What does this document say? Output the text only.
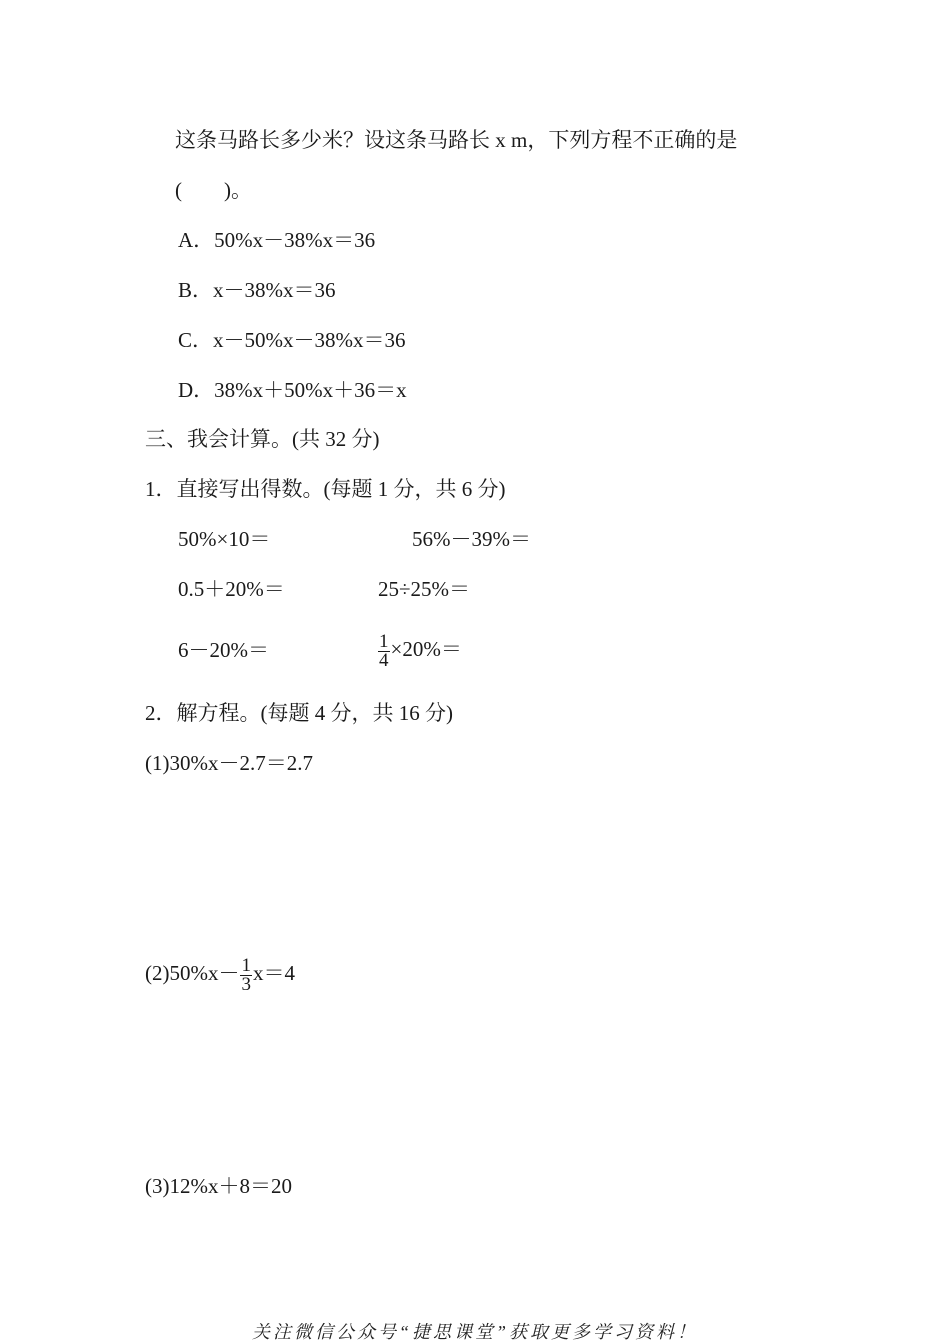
这条马路长多少米？设这条马路长 x m，下列方程不正确的是
(　　)。
A．50%x－38%x＝36
B．x－38%x＝36
C．x－50%x－38%x＝36
D．38%x＋50%x＋36＝x
三、我会计算。(共 32 分)
1．直接写出得数。(每题 1 分，共 6 分)
50%×10＝	56%－39%＝
0.5＋20%＝	25÷25%＝
6－20%＝	$\frac{1}{4} \times 20\%=$
2．解方程。(每题 4 分，共 16 分)
(1)30%x－2.7＝2.7
$(2)50\%x- \frac{1}{3} x=4$
(3)12%x＋8＝20
关注微信公众号“捷思课堂”获取更多学习资料！
